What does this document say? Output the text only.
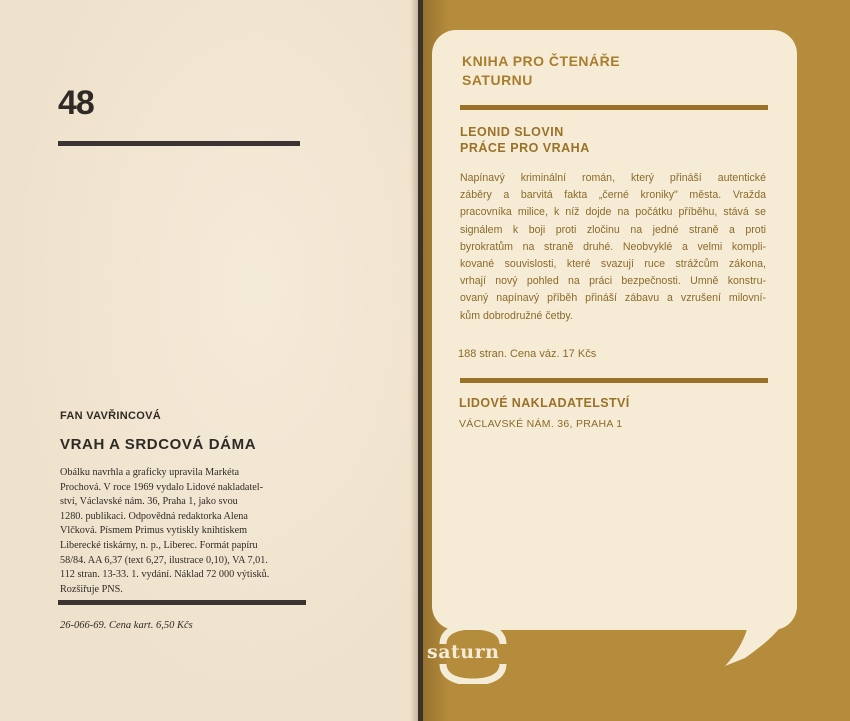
48
FAN VAVŘINCOVÁ
VRAH A SRDCOVÁ DÁMA
Obálku navrhla a graficky upravila Markéta
Prochová. V roce 1969 vydalo Lidové nakladatel-
ství, Václavské nám. 36, Praha 1, jako svou
1280. publikaci. Odpovědná redaktorka Alena
Vlčková. Písmem Primus vytiskly knihtiskem
Liberecké tiskárny, n. p., Liberec. Formát papíru
58/84. AA 6,37 (text 6,27, ilustrace 0,10), VA 7,01.
112 stran. 13-33. 1. vydání. Náklad 72 000 výtisků.
Rozšiřuje PNS.
26-066-69. Cena kart. 6,50 Kčs
KNIHA PRO ČTENÁŘE
SATURNU
LEONID SLOVIN
PRÁCE PRO VRAHA
Napínavý kriminální román, který přináší autentické
záběry a barvitá fakta „černé kroniky" města. Vražda
pracovníka milice, k níž dojde na počátku příběhu, stává se
signálem k boji proti zločinu na jedné straně a proti
byrokratům na straně druhé. Neobvyklé a velmi kompli-
kované souvislosti, které svazují ruce strážcům zákona,
vrhají nový pohled na práci bezpečnosti. Umně konstru-
ovaný napínavý příběh přináší zábavu a vzrušení milovní-
kům dobrodružné četby.
188 stran. Cena váz. 17 Kčs
LIDOVÉ NAKLADATELSTVÍ
VÁCLAVSKÉ NÁM. 36, PRAHA 1
saturn
